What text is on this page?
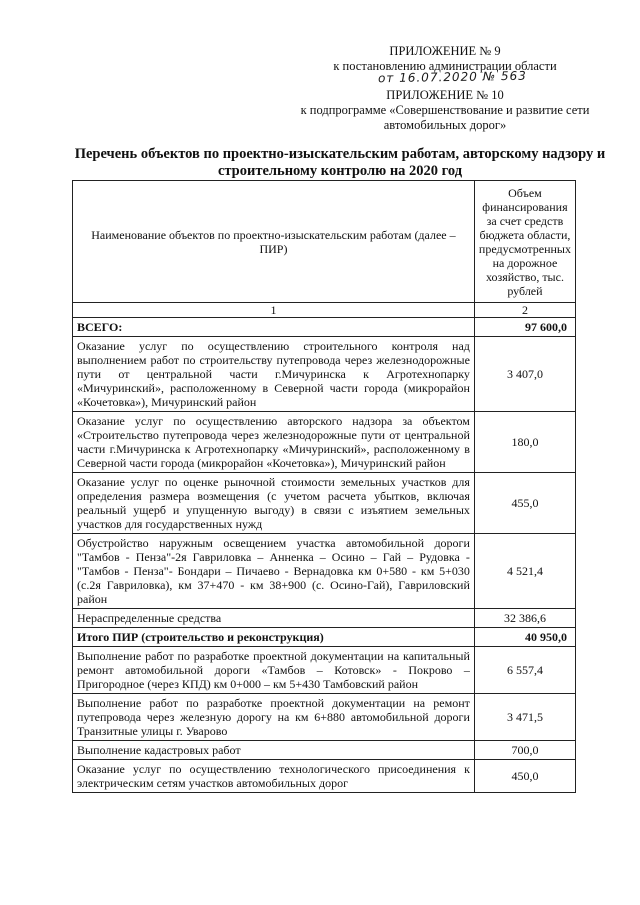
ПРИЛОЖЕНИЕ № 9
к постановлению администрации области
от 16.07.2020 № 563
ПРИЛОЖЕНИЕ № 10
к подпрограмме «Совершенствование и развитие сети автомобильных дорог»
Перечень объектов по проектно-изыскательским работам, авторскому надзору и строительному контролю на 2020 год
Наименование объектов по проектно-изыскательским работам (далее – ПИР)	Объем финансирования за счет средств бюджета области, предусмотренных на дорожное хозяйство, тыс. рублей
1	2
ВСЕГО:	97 600,0
Оказание услуг по осуществлению строительного контроля над выполнением работ по строительству путепровода через железнодорожные пути от центральной части г.Мичуринска к Агротехнопарку «Мичуринский», расположенному в Северной части города (микрорайон «Кочетовка»), Мичуринский район	3 407,0
Оказание услуг по осуществлению авторского надзора за объектом «Строительство путепровода через железнодорожные пути от центральной части г.Мичуринска к Агротехнопарку «Мичуринский», расположенному в Северной части города (микрорайон «Кочетовка»), Мичуринский район	180,0
Оказание услуг по оценке рыночной стоимости земельных участков для определения размера возмещения (с учетом расчета убытков, включая реальный ущерб и упущенную выгоду) в связи с изъятием земельных участков для государственных нужд	455,0
Обустройство наружным освещением участка автомобильной дороги "Тамбов - Пенза"-2я Гавриловка – Анненка – Осино – Гай – Рудовка - "Тамбов - Пенза"- Бондари – Пичаево - Вернадовка км 0+580 - км 5+030 (с.2я Гавриловка), км 37+470 - км 38+900 (с. Осино-Гай), Гавриловский район	4 521,4
Нераспределенные средства	32 386,6
Итого ПИР (строительство и реконструкция)	40 950,0
Выполнение работ по разработке проектной документации на капитальный ремонт автомобильной дороги «Тамбов – Котовск» - Покрово – Пригородное (через КПД) км 0+000 – км 5+430 Тамбовский район	6 557,4
Выполнение работ по разработке проектной документации на ремонт путепровода через железную дорогу на км 6+880 автомобильной дороги Транзитные улицы г. Уварово	3 471,5
Выполнение кадастровых работ	700,0
Оказание услуг по осуществлению технологического присоединения к электрическим сетям участков автомобильных дорог	450,0
